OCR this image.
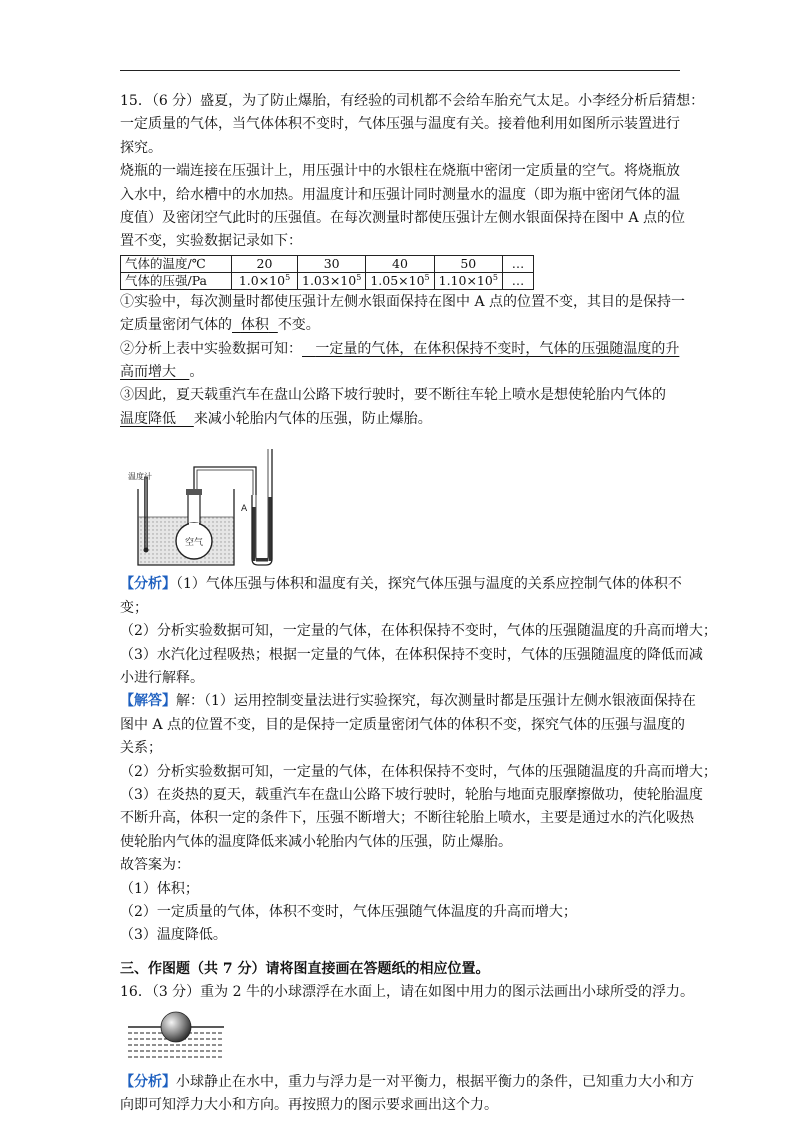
15．（6 分）盛夏，为了防止爆胎，有经验的司机都不会给车胎充气太足。小李经分析后猜想：
一定质量的气体，当气体体积不变时，气体压强与温度有关。接着他利用如图所示装置进行
探究。
烧瓶的一端连接在压强计上，用压强计中的水银柱在烧瓶中密闭一定质量的空气。将烧瓶放
入水中，给水槽中的水加热。用温度计和压强计同时测量水的温度（即为瓶中密闭气体的温
度值）及密闭空气此时的压强值。在每次测量时都使压强计左侧水银面保持在图中 A 点的位
置不变，实验数据记录如下：
气体的温度/℃	20	30	40	50	…
气体的压强/Pa	$1.0\times 10^5$	$1.03\times 10^5$	$1.05\times 10^5$	$1.10\times 10^5$	…
①实验中，每次测量时都使压强计左侧水银面保持在图中 A 点的位置不变，其目的是保持一
定质量密闭气体的 体积 不变。
②分析上表中实验数据可知： 一定量的气体，在体积保持不变时，气体的压强随温度的升
高而增大 。
③因此，夏天载重汽车在盘山公路下坡行驶时，要不断往车轮上喷水是想使轮胎内气体的
温度降低 来减小轮胎内气体的压强，防止爆胎。
温度计
空气
A
【分析】（1）气体压强与体积和温度有关，探究气体压强与温度的关系应控制气体的体积不
变；
（2）分析实验数据可知，一定量的气体，在体积保持不变时，气体的压强随温度的升高而增大；
（3）水汽化过程吸热；根据一定量的气体，在体积保持不变时，气体的压强随温度的降低而减
小进行解释。
【解答】解：（1）运用控制变量法进行实验探究，每次测量时都是压强计左侧水银液面保持在
图中 A 点的位置不变，目的是保持一定质量密闭气体的体积不变，探究气体的压强与温度的
关系；
（2）分析实验数据可知，一定量的气体，在体积保持不变时，气体的压强随温度的升高而增大；
（3）在炎热的夏天，载重汽车在盘山公路下坡行驶时，轮胎与地面克服摩擦做功，使轮胎温度
不断升高，体积一定的条件下，压强不断增大；不断往轮胎上喷水，主要是通过水的汽化吸热
使轮胎内气体的温度降低来减小轮胎内气体的压强，防止爆胎。
故答案为：
（1）体积；
（2）一定质量的气体，体积不变时，气体压强随气体温度的升高而增大；
（3）温度降低。
三、作图题（共 7 分）请将图直接画在答题纸的相应位置。
16．（3 分）重为 2 牛的小球漂浮在水面上，请在如图中用力的图示法画出小球所受的浮力。
【分析】小球静止在水中，重力与浮力是一对平衡力，根据平衡力的条件，已知重力大小和方
向即可知浮力大小和方向。再按照力的图示要求画出这个力。
